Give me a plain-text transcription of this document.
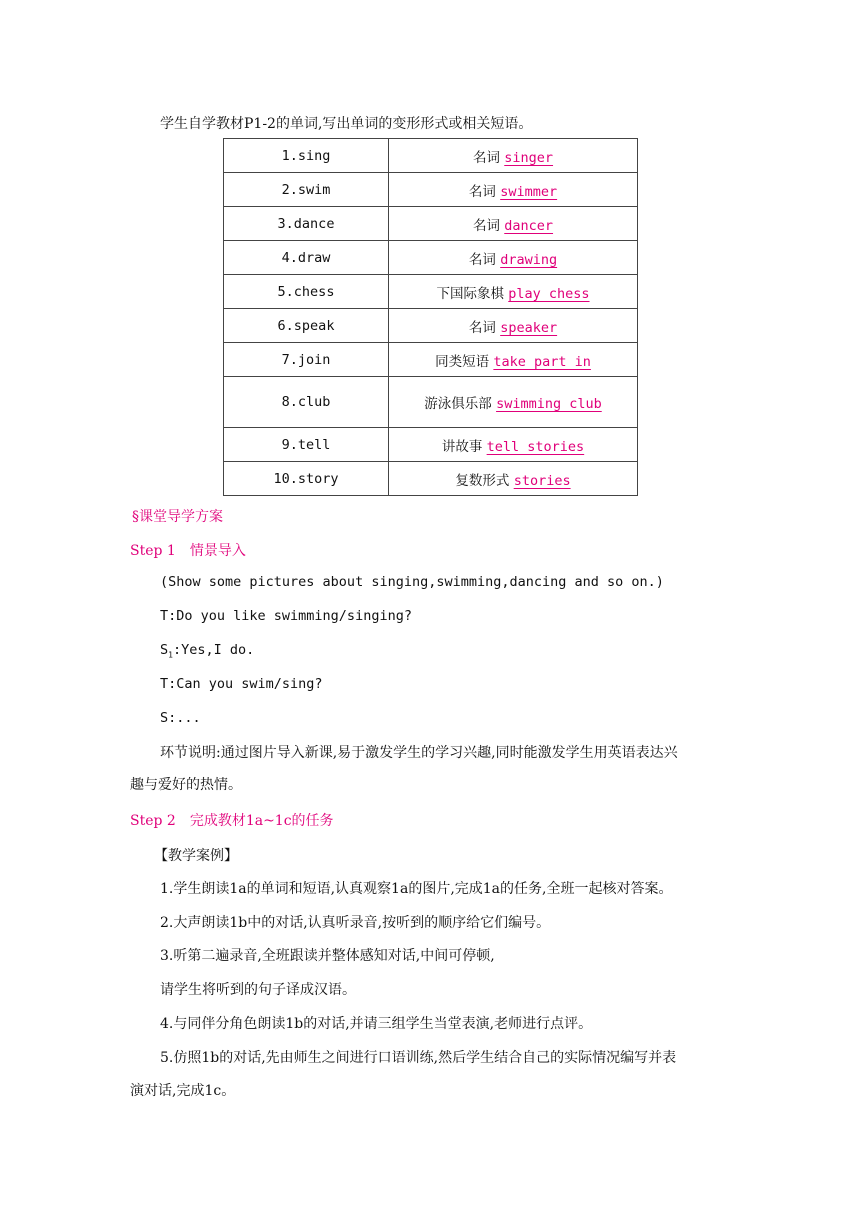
学生自学教材P1-2的单词,写出单词的变形形式或相关短语。
1.sing	名词 singer
2.swim	名词 swimmer
3.dance	名词 dancer
4.draw	名词 drawing
5.chess	下国际象棋 play chess
6.speak	名词 speaker
7.join	同类短语 take part in
8.club	游泳俱乐部 swimming club
9.tell	讲故事 tell stories
10.story	复数形式 stories
§课堂导学方案
Step 1　情景导入
(Show some pictures about singing,swimming,dancing and so on.)
T:Do you like swimming/singing?
$S_1:Yes,I$ do.
T:Can you swim/sing?
S:...
环节说明:通过图片导入新课,易于激发学生的学习兴趣,同时能激发学生用英语表达兴
趣与爱好的热情。
Step 2　完成教材1a~1c的任务
【教学案例】
1.学生朗读1a的单词和短语,认真观察1a的图片,完成1a的任务,全班一起核对答案。
2.大声朗读1b中的对话,认真听录音,按听到的顺序给它们编号。
3.听第二遍录音,全班跟读并整体感知对话,中间可停顿,
请学生将听到的句子译成汉语。
4.与同伴分角色朗读1b的对话,并请三组学生当堂表演,老师进行点评。
5.仿照1b的对话,先由师生之间进行口语训练,然后学生结合自己的实际情况编写并表
演对话,完成1c。
